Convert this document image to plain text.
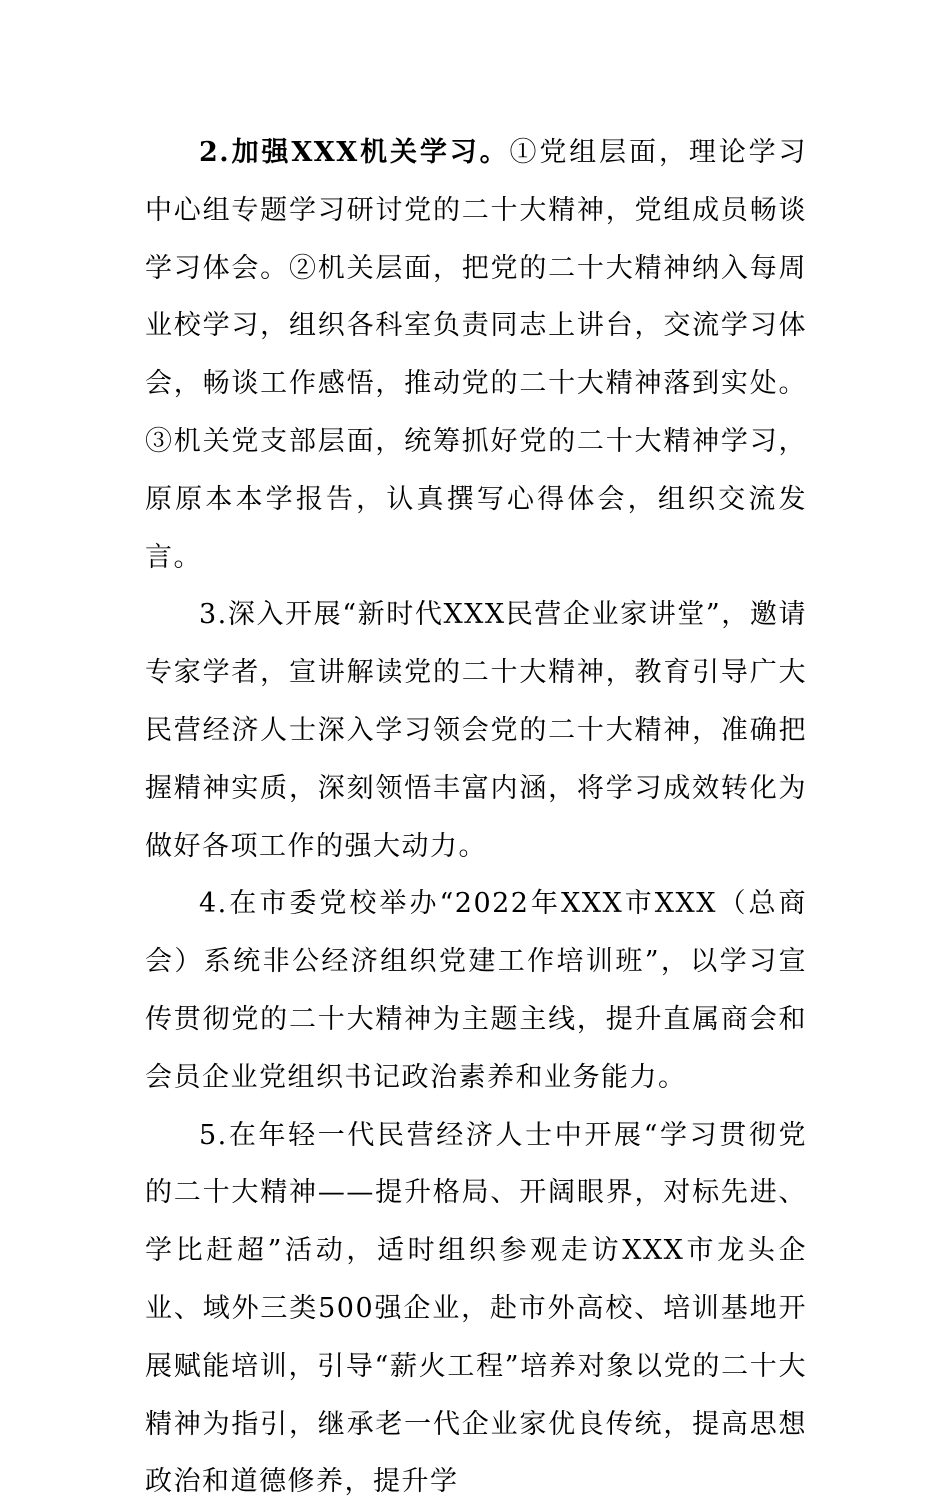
2.加强XXX机关学习。①党组层面，理论学习中心组专题学习研讨党的二十大精神，党组成员畅谈学习体会。②机关层面，把党的二十大精神纳入每周业校学习，组织各科室负责同志上讲台，交流学习体会，畅谈工作感悟，推动党的二十大精神落到实处。③机关党支部层面，统筹抓好党的二十大精神学习，原原本本学报告，认真撰写心得体会，组织交流发言。

3.深入开展“新时代XXX民营企业家讲堂”，邀请专家学者，宣讲解读党的二十大精神，教育引导广大民营经济人士深入学习领会党的二十大精神，准确把握精神实质，深刻领悟丰富内涵，将学习成效转化为做好各项工作的强大动力。

4.在市委党校举办“2022年XXX市XXX（总商会）系统非公经济组织党建工作培训班”，以学习宣传贯彻党的二十大精神为主题主线，提升直属商会和会员企业党组织书记政治素养和业务能力。

5.在年轻一代民营经济人士中开展“学习贯彻党的二十大精神——提升格局、开阔眼界，对标先进、学比赶超”活动，适时组织参观走访XXX市龙头企业、域外三类500强企业，赴市外高校、培训基地开展赋能培训，引导“薪火工程”培养对象以党的二十大精神为指引，继承老一代企业家优良传统，提高思想政治和道德修养，提升学
